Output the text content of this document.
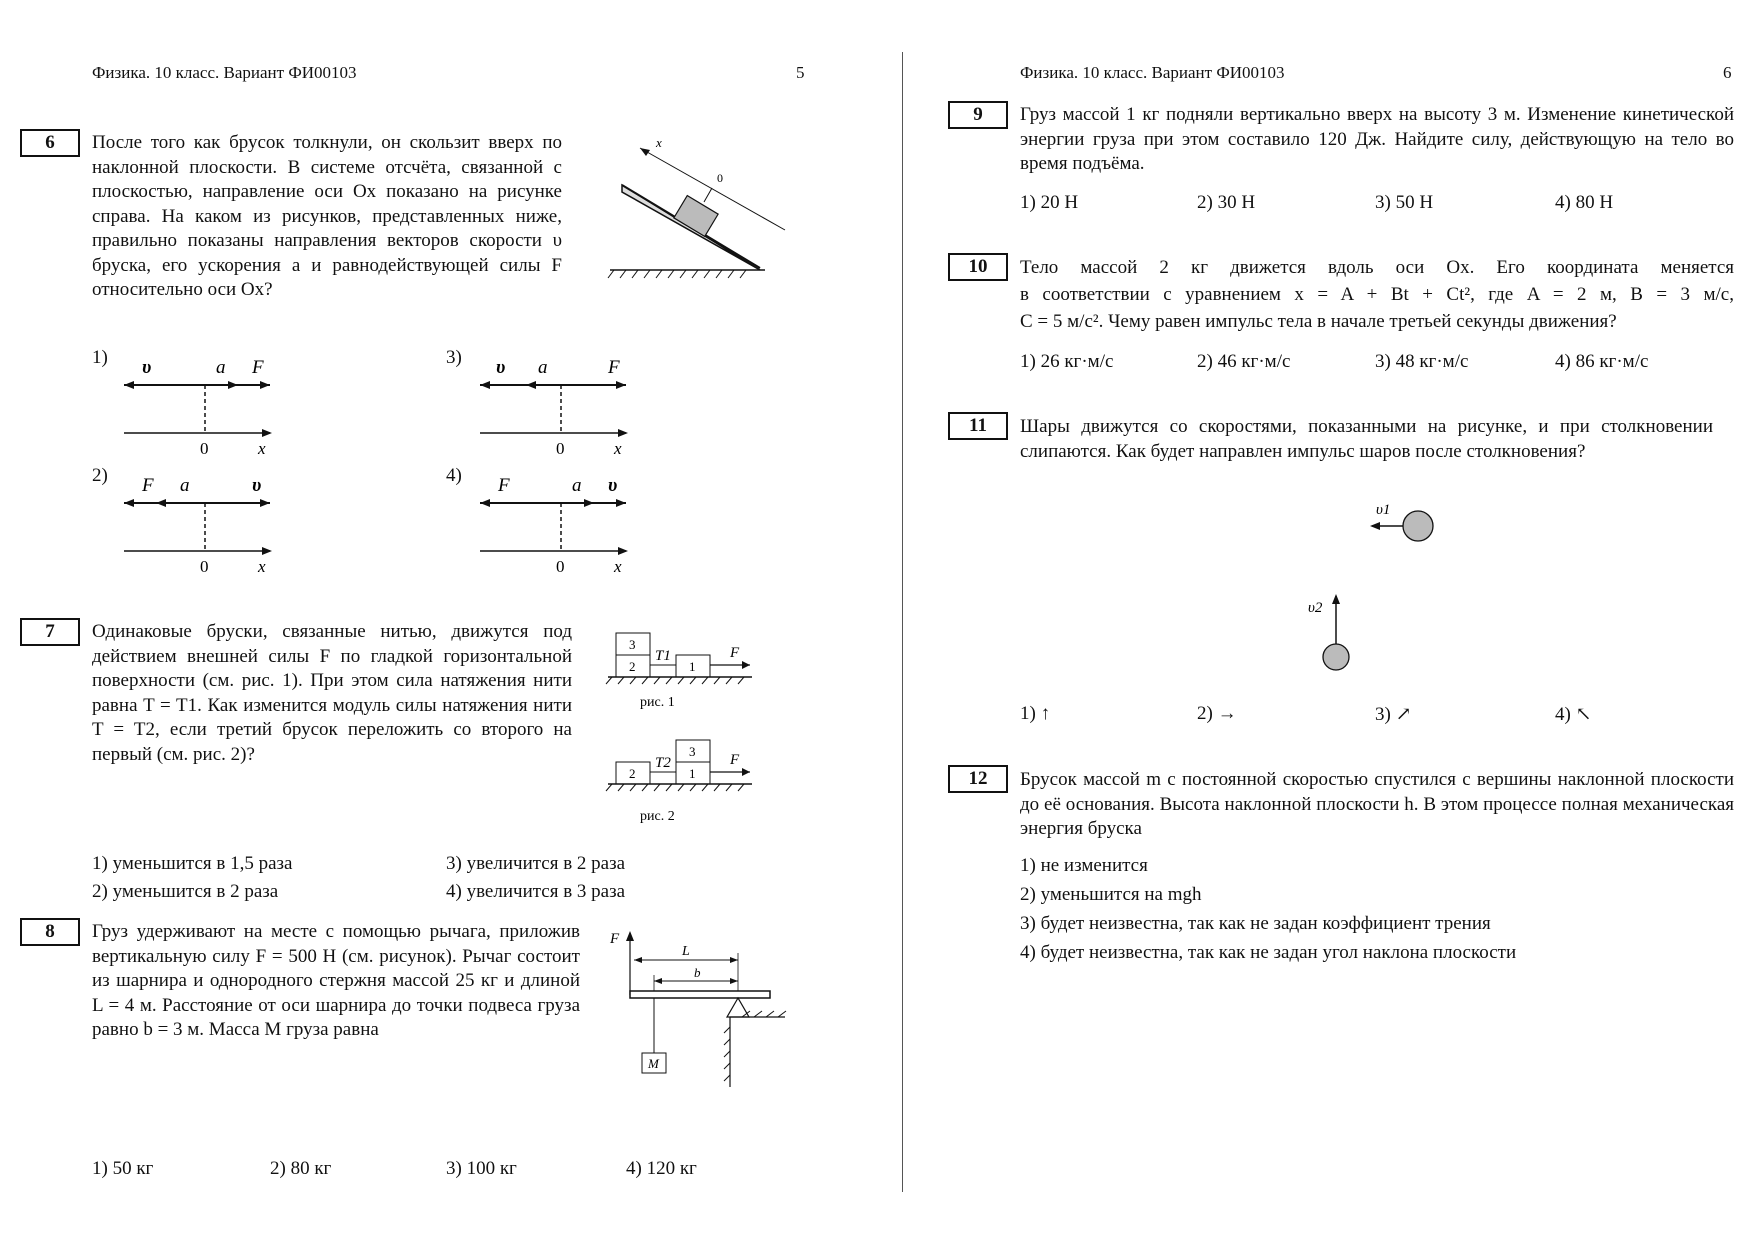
Физика. 10 класс. Вариант ФИ00103	5	Физика. 10 класс. Вариант ФИ00103	6
6	После того как брусок толкнули, он скользит вверх по наклонной плоскости. В системе отсчёта, связанной с плоскостью, направление оси Ox показано на рисунке справа. На каком из рисунков, представленных ниже, правильно показаны направления векторов скорости υ бруска, его ускорения a и равнодействующей силы F относительно оси Ox?
x
0
1)
2)
3)
4)
υ	a F
0	x
F a	υ
0	x
υ a	F
0	x
F	a υ
0	x
7	Одинаковые бруски, связанные нитью, движутся под действием внешней силы F по гладкой горизонтальной поверхности (см. рис. 1). При этом сила натяжения нити равна T = T1. Как изменится модуль силы натяжения нити T = T2, если третий брусок переложить со второго на первый (см. рис. 2)?
3
2	1
T1	F
рис. 1
2
3
1
T2	F
рис. 2
1) уменьшится в 1,5 раза
2) уменьшится в 2 раза
3) увеличится в 2 раза
4) увеличится в 3 раза
8	Груз удерживают на месте с помощью рычага, приложив вертикальную силу F = 500 Н (см. рисунок). Рычаг состоит из шарнира и однородного стержня массой 25 кг и длиной L = 4 м. Расстояние от оси шарнира до точки подвеса груза равно b = 3 м. Масса M груза равна
F
L
b
M
1) 50 кг	2) 80 кг	3) 100 кг	4) 120 кг
9	Груз массой 1 кг подняли вертикально вверх на высоту 3 м. Изменение кинетической энергии груза при этом составило 120 Дж. Найдите силу, действующую на тело во время подъёма.
1) 20 Н	2) 30 Н	3) 50 Н	4) 80 Н
10	Тело массой 2 кг движется вдоль оси Ox. Его координата меняется
в соответствии с уравнением x = A + Bt + Ct², где A = 2 м, B = 3 м/с,
C = 5 м/с². Чему равен импульс тела в начале третьей секунды движения?
1) 26 кг·м/с	2) 46 кг·м/с	3) 48 кг·м/с	4) 86 кг·м/с
11	Шары движутся со скоростями, показанными на рисунке, и при столкновении слипаются. Как будет направлен импульс шаров после столкновения?
υ1
υ2
1) ↑	2) →	3) ↗	4) ↖
12	Брусок массой m с постоянной скоростью спустился с вершины наклонной плоскости до её основания. Высота наклонной плоскости h. В этом процессе полная механическая энергия бруска
1) не изменится
2) уменьшится на mgh
3) будет неизвестна, так как не задан коэффициент трения
4) будет неизвестна, так как не задан угол наклона плоскости
